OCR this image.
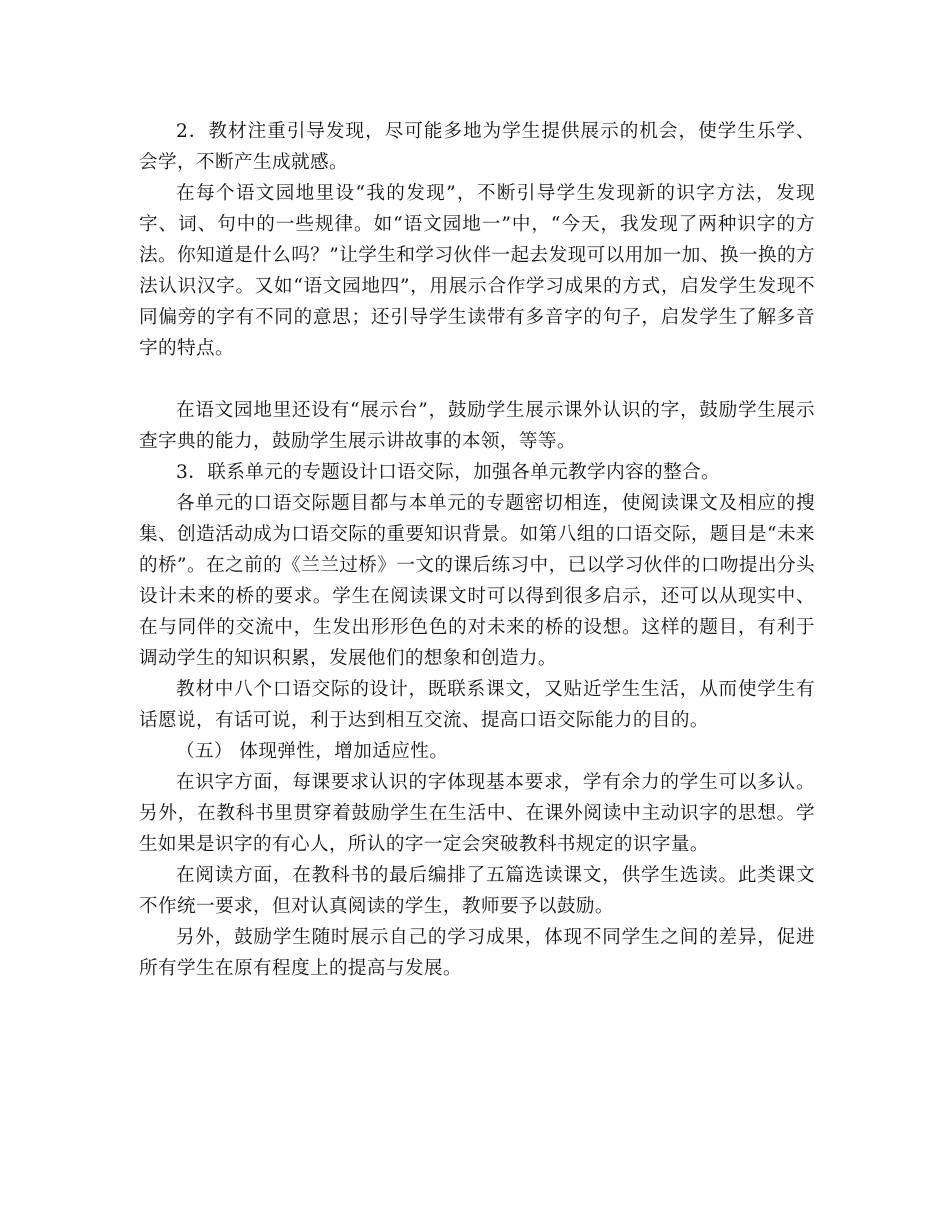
2．教材注重引导发现，尽可能多地为学生提供展示的机会，使学生乐学、会学，不断产生成就感。

在每个语文园地里设“我的发现”，不断引导学生发现新的识字方法，发现字、词、句中的一些规律。如“语文园地一”中，“今天，我发现了两种识字的方法。你知道是什么吗？”让学生和学习伙伴一起去发现可以用加一加、换一换的方法认识汉字。又如“语文园地四”，用展示合作学习成果的方式，启发学生发现不同偏旁的字有不同的意思；还引导学生读带有多音字的句子，启发学生了解多音字的特点。

在语文园地里还设有“展示台”，鼓励学生展示课外认识的字，鼓励学生展示查字典的能力，鼓励学生展示讲故事的本领，等等。

3．联系单元的专题设计口语交际，加强各单元教学内容的整合。

各单元的口语交际题目都与本单元的专题密切相连，使阅读课文及相应的搜集、创造活动成为口语交际的重要知识背景。如第八组的口语交际，题目是“未来的桥”。在之前的《兰兰过桥》一文的课后练习中，已以学习伙伴的口吻提出分头设计未来的桥的要求。学生在阅读课文时可以得到很多启示，还可以从现实中、在与同伴的交流中，生发出形形色色的对未来的桥的设想。这样的题目，有利于调动学生的知识积累，发展他们的想象和创造力。

教材中八个口语交际的设计，既联系课文，又贴近学生生活，从而使学生有话愿说，有话可说，利于达到相互交流、提高口语交际能力的目的。

（五） 体现弹性，增加适应性。

在识字方面，每课要求认识的字体现基本要求，学有余力的学生可以多认。另外，在教科书里贯穿着鼓励学生在生活中、在课外阅读中主动识字的思想。学生如果是识字的有心人，所认的字一定会突破教科书规定的识字量。

在阅读方面，在教科书的最后编排了五篇选读课文，供学生选读。此类课文不作统一要求，但对认真阅读的学生，教师要予以鼓励。

另外，鼓励学生随时展示自己的学习成果，体现不同学生之间的差异，促进所有学生在原有程度上的提高与发展。
